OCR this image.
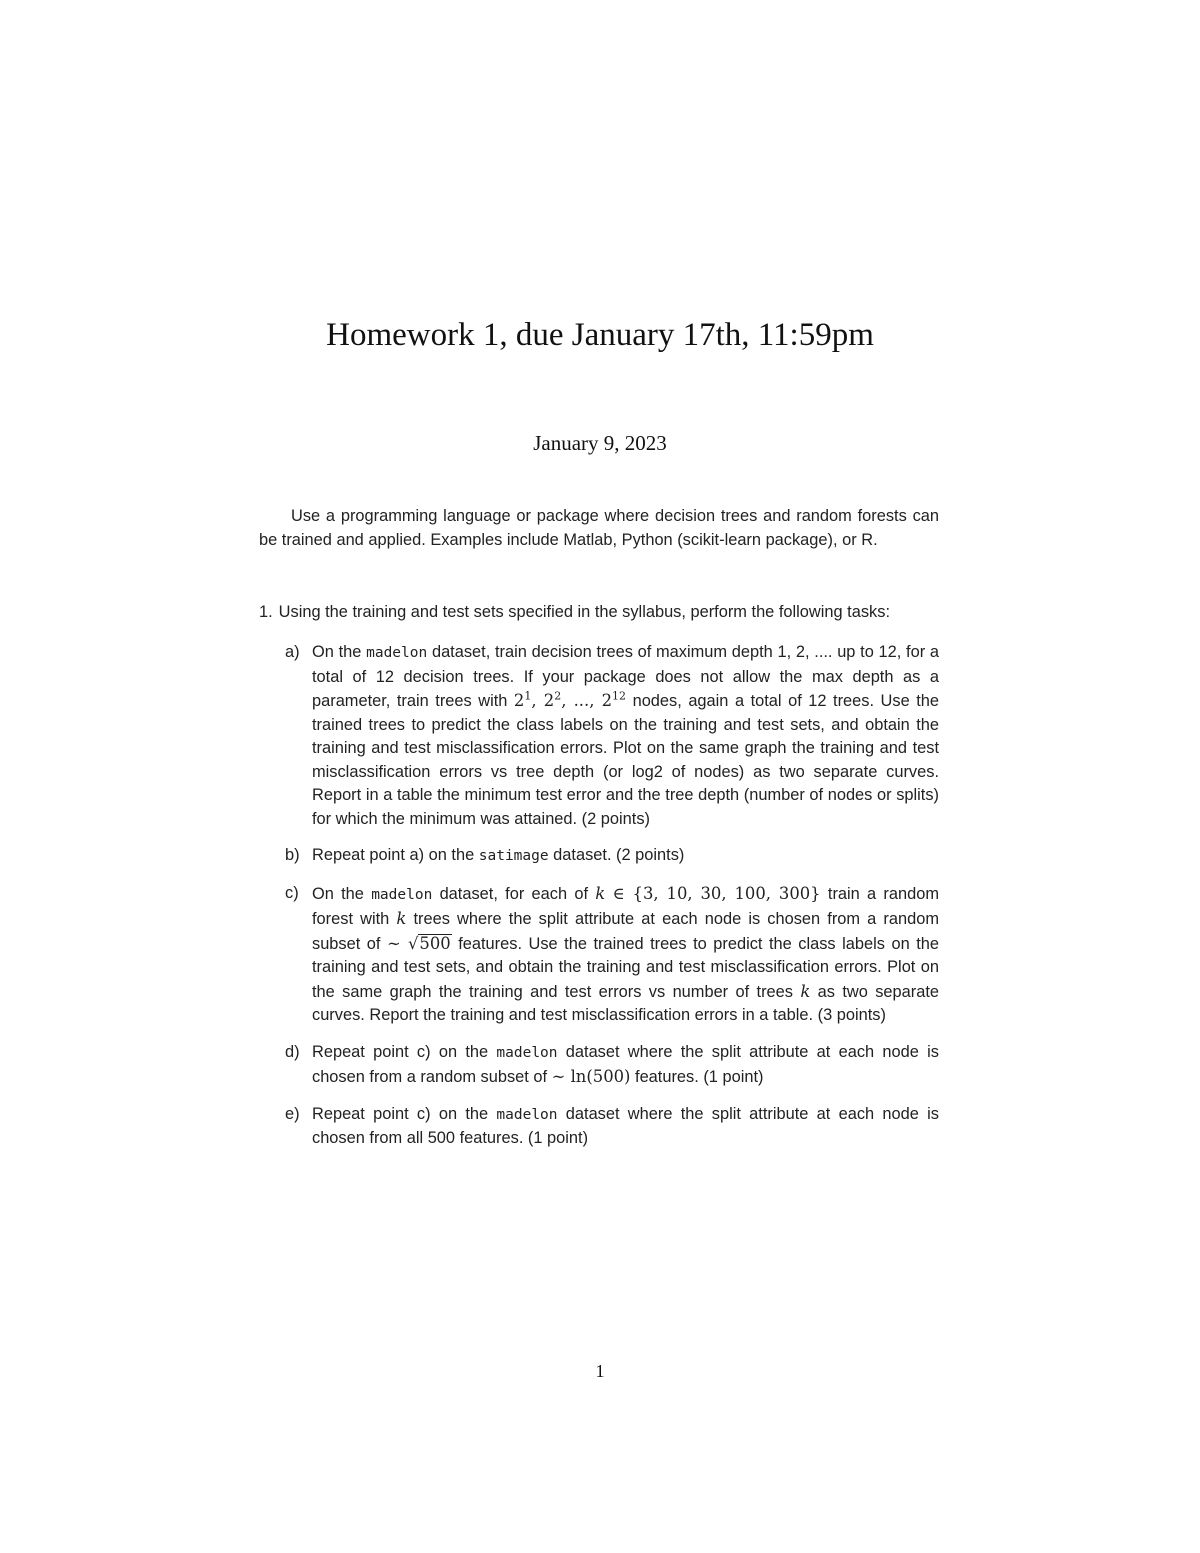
Homework 1, due January 17th, 11:59pm
January 9, 2023

Use a programming language or package where decision trees and random forests can be trained and applied. Examples include Matlab, Python (scikit-learn package), or R.

1. Using the training and test sets specified in the syllabus, perform the following tasks:
a) On the madelon dataset, train decision trees of maximum depth 1, 2, .... up to 12, for a total of 12 decision trees. If your package does not allow the max depth as a parameter, train trees with $2^1$, $2^2$, ..., $2^{12}$ nodes, again a total of 12 trees. Use the trained trees to predict the class labels on the training and test sets, and obtain the training and test misclassification errors. Plot on the same graph the training and test misclassification errors vs tree depth (or log2 of nodes) as two separate curves. Report in a table the minimum test error and the tree depth (number of nodes or splits) for which the minimum was attained. (2 points)
b) Repeat point a) on the satimage dataset. (2 points)
c) On the madelon dataset, for each of k ∈ {3, 10, 30, 100, 300} train a random forest with k trees where the split attribute at each node is chosen from a random subset of ∼ √500 features. Use the trained trees to predict the class labels on the training and test sets, and obtain the training and test misclassification errors. Plot on the same graph the training and test errors vs number of trees k as two separate curves. Report the training and test misclassification errors in a table. (3 points)
d) Repeat point c) on the madelon dataset where the split attribute at each node is chosen from a random subset of ∼ ln(500) features. (1 point)
e) Repeat point c) on the madelon dataset where the split attribute at each node is chosen from all 500 features. (1 point)
1
